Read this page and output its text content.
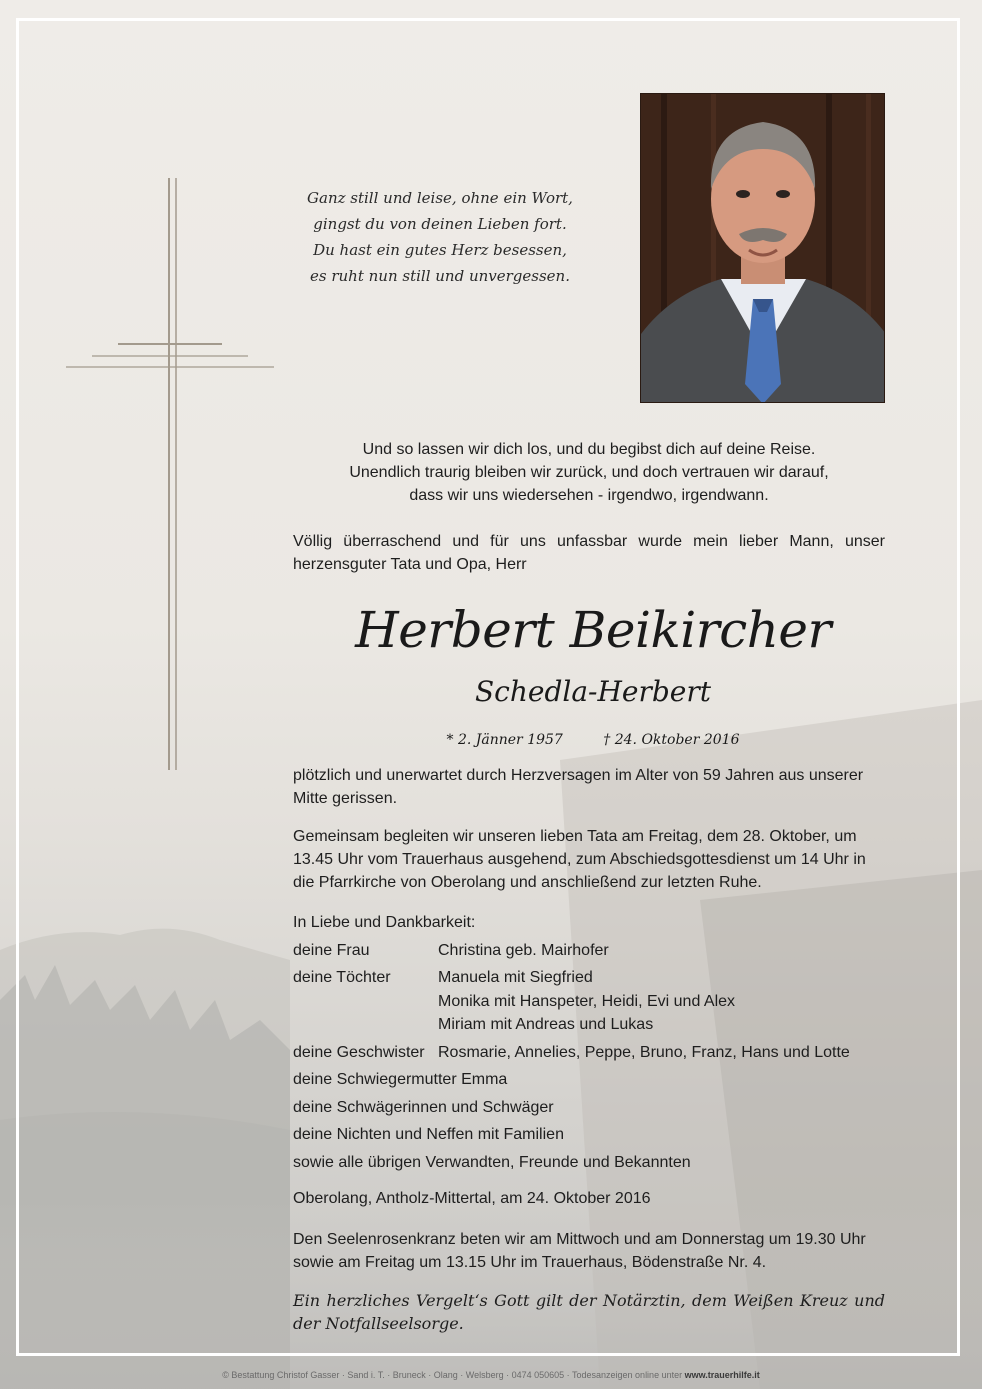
Ganz still und leise, ohne ein Wort,
gingst du von deinen Lieben fort.
Du hast ein gutes Herz besessen,
es ruht nun still und unvergessen.
Und so lassen wir dich los, und du begibst dich auf deine Reise.
Unendlich traurig bleiben wir zurück, und doch vertrauen wir darauf,
dass wir uns wiedersehen - irgendwo, irgendwann.
Völlig überraschend und für uns unfassbar wurde mein lieber Mann, unser herzensguter Tata und Opa, Herr
Herbert Beikircher
Schedla-Herbert
* 2. Jänner 1957	† 24. Oktober 2016
plötzlich und unerwartet durch Herzversagen im Alter von 59 Jahren aus unserer Mitte gerissen.
Gemeinsam begleiten wir unseren lieben Tata am Freitag, dem 28. Oktober, um 13.45 Uhr vom Trauerhaus ausgehend, zum Abschiedsgottesdienst um 14 Uhr in die Pfarrkirche von Oberolang und anschließend zur letzten Ruhe.
In Liebe und Dankbarkeit:
deine Frau	Christina geb. Mairhofer
deine Töchter	Manuela mit Siegfried
Monika mit Hanspeter, Heidi, Evi und Alex
Miriam mit Andreas und Lukas
deine Geschwister Rosmarie, Annelies, Peppe, Bruno, Franz, Hans und Lotte
deine Schwiegermutter Emma
deine Schwägerinnen und Schwäger
deine Nichten und Neffen mit Familien
sowie alle übrigen Verwandten, Freunde und Bekannten
Oberolang, Antholz-Mittertal, am 24. Oktober 2016
Den Seelenrosenkranz beten wir am Mittwoch und am Donnerstag um 19.30 Uhr sowie am Freitag um 13.15 Uhr im Trauerhaus, Bödenstraße Nr. 4.
Ein herzliches Vergelt‘s Gott gilt der Notärztin, dem Weißen Kreuz und der Notfallseelsorge.
© Bestattung Christof Gasser · Sand i. T. · Bruneck · Olang · Welsberg · 0474 050605 · Todesanzeigen online unter www.trauerhilfe.it
